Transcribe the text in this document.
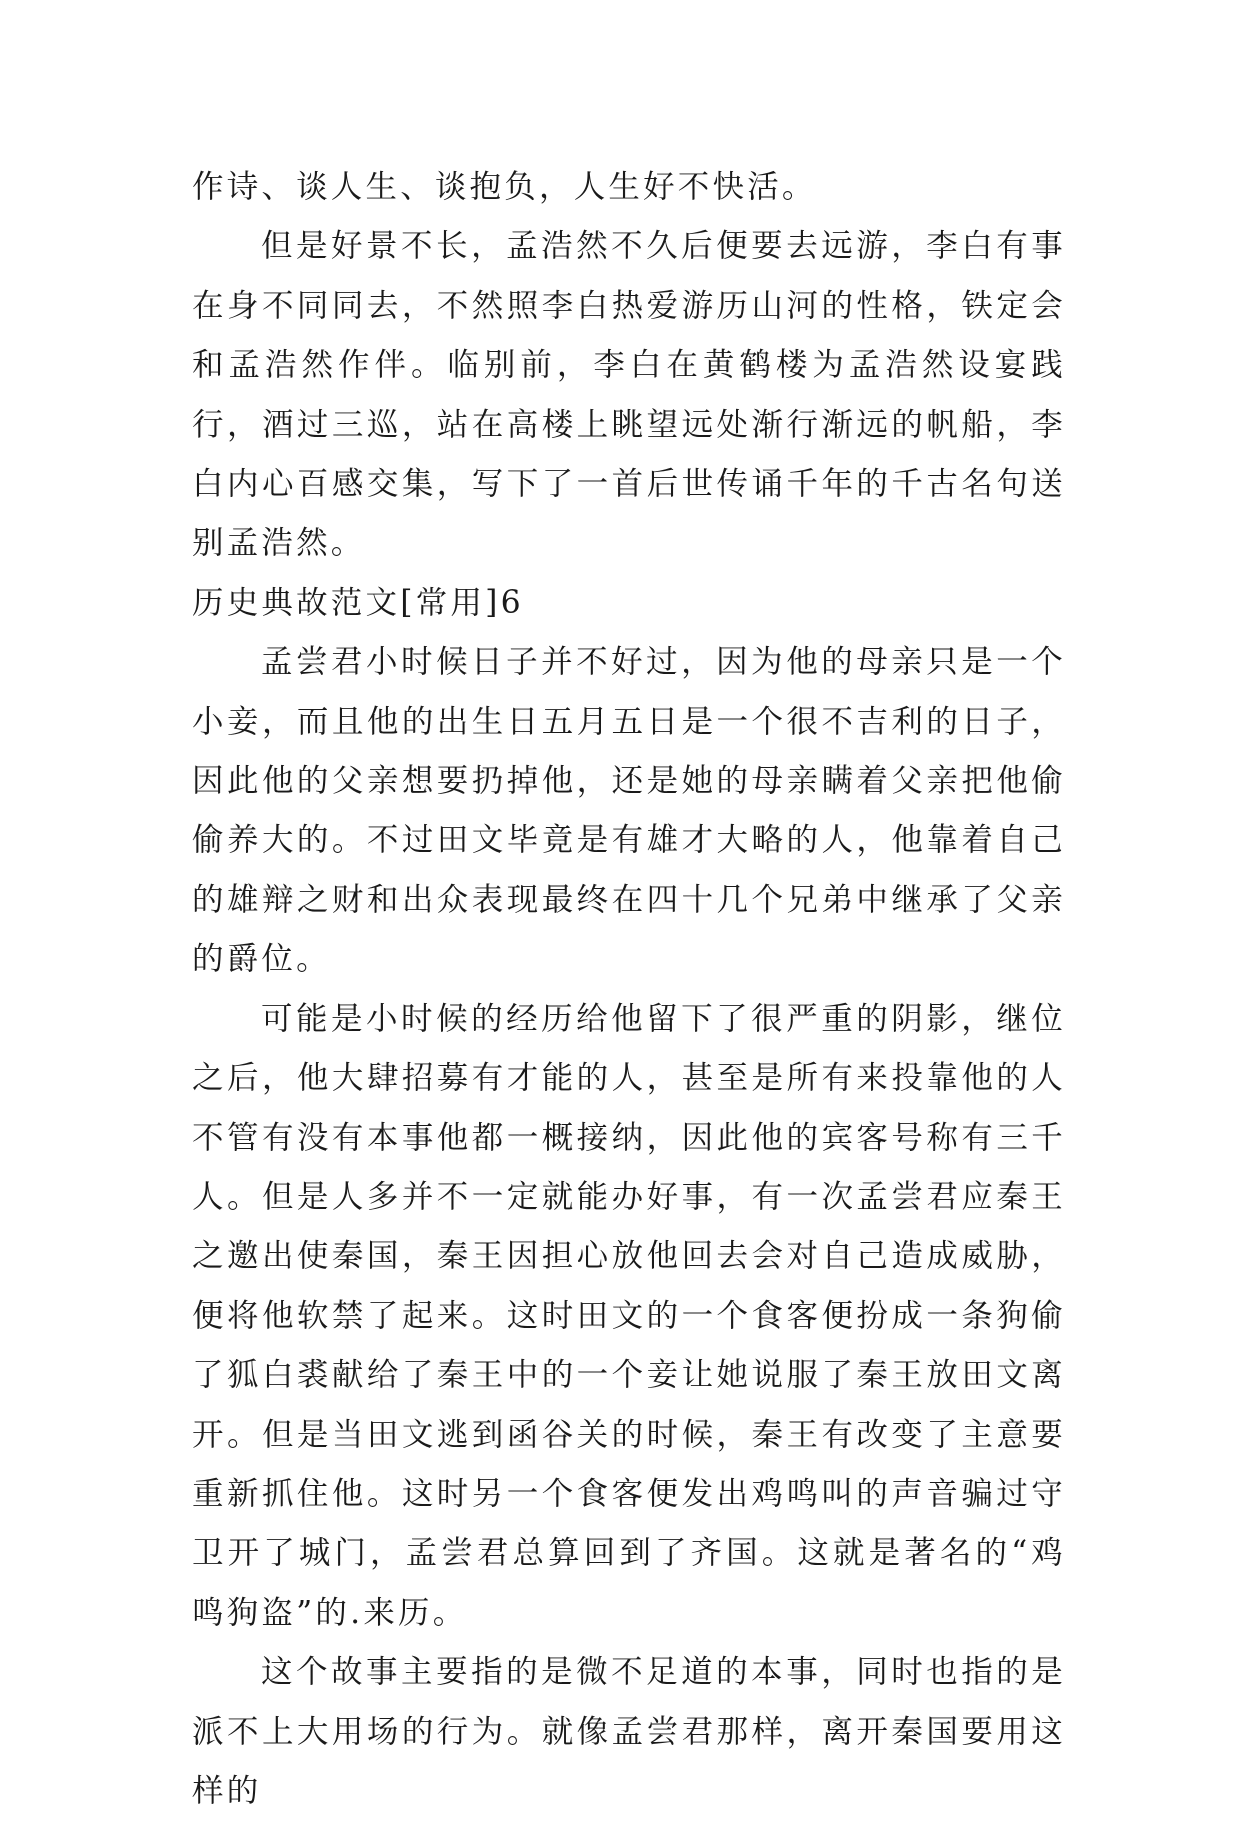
作诗、谈人生、谈抱负，人生好不快活。

但是好景不长，孟浩然不久后便要去远游，李白有事在身不同同去，不然照李白热爱游历山河的性格，铁定会和孟浩然作伴。临别前，李白在黄鹤楼为孟浩然设宴践行，酒过三巡，站在高楼上眺望远处渐行渐远的帆船，李白内心百感交集，写下了一首后世传诵千年的千古名句送别孟浩然。

历史典故范文[常用]6

孟尝君小时候日子并不好过，因为他的母亲只是一个小妾，而且他的出生日五月五日是一个很不吉利的日子，因此他的父亲想要扔掉他，还是她的母亲瞒着父亲把他偷偷养大的。不过田文毕竟是有雄才大略的人，他靠着自己的雄辩之财和出众表现最终在四十几个兄弟中继承了父亲的爵位。

可能是小时候的经历给他留下了很严重的阴影，继位之后，他大肆招募有才能的人，甚至是所有来投靠他的人不管有没有本事他都一概接纳，因此他的宾客号称有三千人。但是人多并不一定就能办好事，有一次孟尝君应秦王之邀出使秦国，秦王因担心放他回去会对自己造成威胁，便将他软禁了起来。这时田文的一个食客便扮成一条狗偷了狐白裘献给了秦王中的一个妾让她说服了秦王放田文离开。但是当田文逃到函谷关的时候，秦王有改变了主意要重新抓住他。这时另一个食客便发出鸡鸣叫的声音骗过守卫开了城门，孟尝君总算回到了齐国。这就是著名的“鸡鸣狗盗”的.来历。

这个故事主要指的是微不足道的本事，同时也指的是派不上大用场的行为。就像孟尝君那样，离开秦国要用这样的
